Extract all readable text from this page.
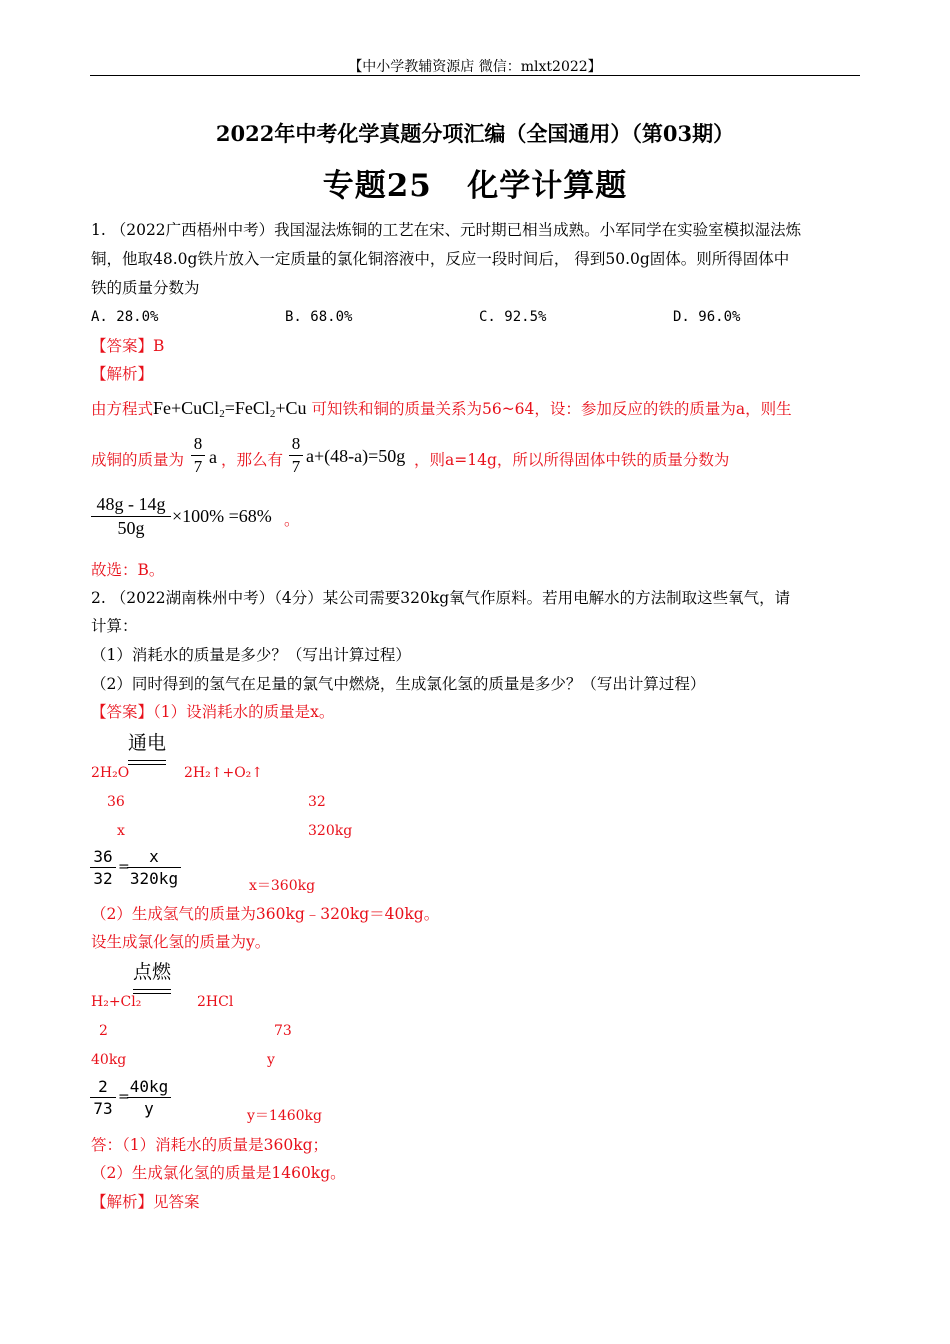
【中小学教辅资源店 微信：mlxt2022】
2022年中考化学真题分项汇编（全国通用）（第03期）
专题25   化学计算题
1. （2022广西梧州中考）我国湿法炼铜的工艺在宋、元时期已相当成熟。小军同学在实验室模拟湿法炼
铜，他取48.0g铁片放入一定质量的氯化铜溶液中，反应一段时间后， 得到50.0g固体。则所得固体中
铁的质量分数为
A. 28.0%	B. 68.0%	C. 92.5%	D. 96.0%
【答案】B
【解析】
由方程式Fe+CuCl$_2$=FeCl$_2$+Cu 可知铁和铜的质量关系为56~64，设：参加反应的铁的质量为a，则生
成铜的质量为 $\frac{8}{7}$ a ，那么有 $\frac{8}{7} a+(48-a)=50g$ ，则a=14g，所以所得固体中铁的质量分数为
$\frac{48g - 14g}{50g} \times 100\% =68\%$ 。
故选：B。
2. （2022湖南株州中考）（4分）某公司需要320kg氧气作原料。若用电解水的方法制取这些氧气，请
计算：
（1）消耗水的质量是多少？（写出计算过程）
（2）同时得到的氢气在足量的氯气中燃烧，生成氯化氢的质量是多少？（写出计算过程）
【答案】（1）设消耗水的质量是x。
通电
2H₂O	2H₂↑+O₂↑
36	32
x	320kg
$\frac{36}{32}$ =
$\frac{x}{320kg}$	x＝360kg
（2）生成氢气的质量为360kg﹣320kg＝40kg。
设生成氯化氢的质量为y。
点燃
H₂+Cl₂	2HCl
2	73
40kg	y
$\frac{2}{73}$ =
$\frac{40kg}{y}$	y＝1460kg
答：（1）消耗水的质量是360kg；
（2）生成氯化氢的质量是1460kg。
【解析】见答案
